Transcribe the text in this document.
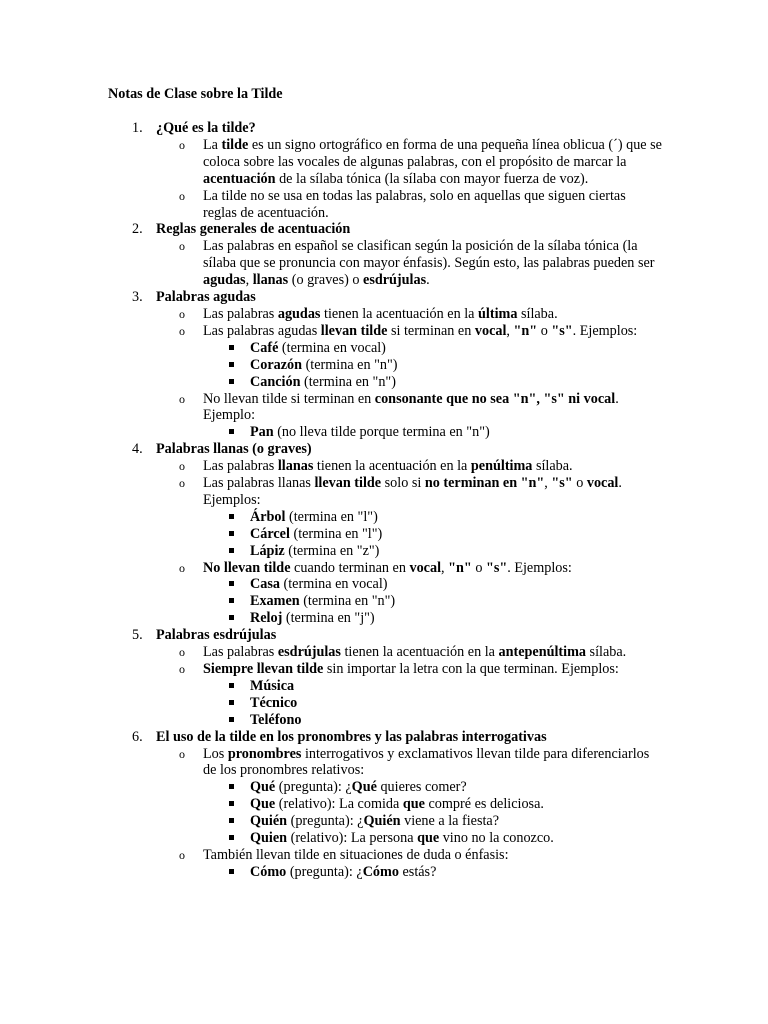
Notas de Clase sobre la Tilde
1. ¿Qué es la tilde?
o La tilde es un signo ortográfico en forma de una pequeña línea oblicua (´) que se coloca sobre las vocales de algunas palabras, con el propósito de marcar la acentuación de la sílaba tónica (la sílaba con mayor fuerza de voz).
o La tilde no se usa en todas las palabras, solo en aquellas que siguen ciertas reglas de acentuación.
2. Reglas generales de acentuación
o Las palabras en español se clasifican según la posición de la sílaba tónica (la sílaba que se pronuncia con mayor énfasis). Según esto, las palabras pueden ser agudas, llanas (o graves) o esdrújulas.
3. Palabras agudas
o Las palabras agudas tienen la acentuación en la última sílaba.
o Las palabras agudas llevan tilde si terminan en vocal, "n" o "s". Ejemplos:
Café (termina en vocal)
Corazón (termina en "n")
Canción (termina en "n")
o No llevan tilde si terminan en consonante que no sea "n", "s" ni vocal. Ejemplo:
Pan (no lleva tilde porque termina en "n")
4. Palabras llanas (o graves)
o Las palabras llanas tienen la acentuación en la penúltima sílaba.
o Las palabras llanas llevan tilde solo si no terminan en "n", "s" o vocal. Ejemplos:
Árbol (termina en "l")
Cárcel (termina en "l")
Lápiz (termina en "z")
o No llevan tilde cuando terminan en vocal, "n" o "s". Ejemplos:
Casa (termina en vocal)
Examen (termina en "n")
Reloj (termina en "j")
5. Palabras esdrújulas
o Las palabras esdrújulas tienen la acentuación en la antepenúltima sílaba.
o Siempre llevan tilde sin importar la letra con la que terminan. Ejemplos:
Música
Técnico
Teléfono
6. El uso de la tilde en los pronombres y las palabras interrogativas
o Los pronombres interrogativos y exclamativos llevan tilde para diferenciarlos de los pronombres relativos:
Qué (pregunta): ¿Qué quieres comer?
Que (relativo): La comida que compré es deliciosa.
Quién (pregunta): ¿Quién viene a la fiesta?
Quien (relativo): La persona que vino no la conozco.
o También llevan tilde en situaciones de duda o énfasis:
Cómo (pregunta): ¿Cómo estás?
